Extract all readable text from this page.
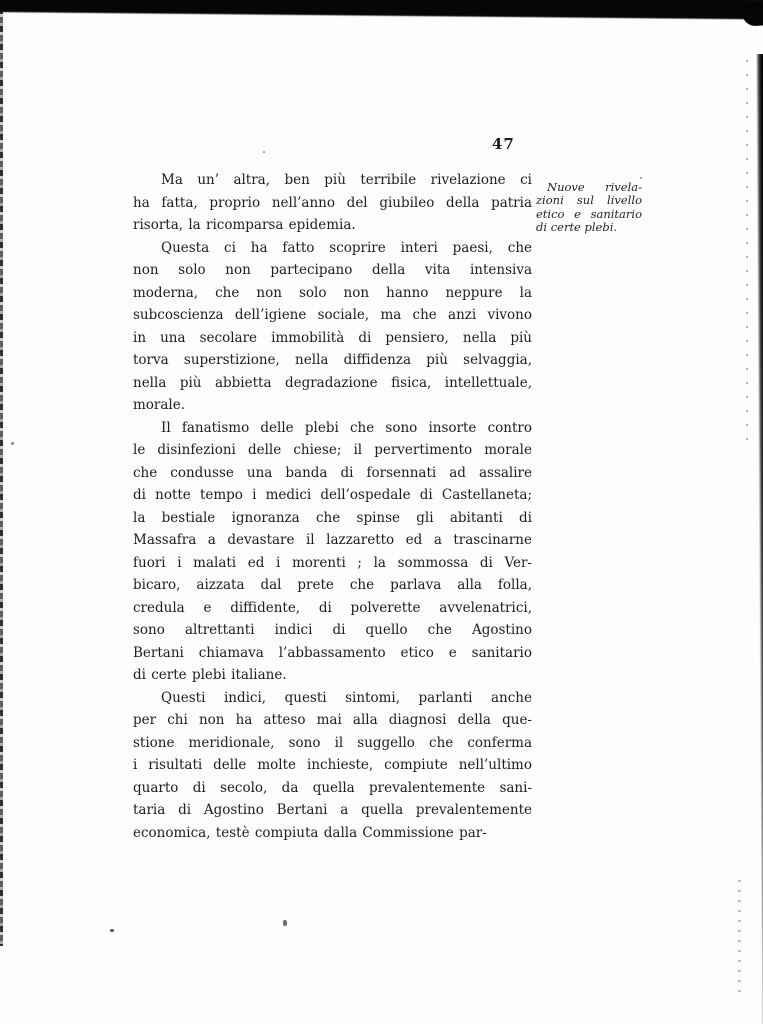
47
Ma un’ altra, ben più terribile rivelazione ci
ha fatta, proprio nell’anno del giubileo della patria
risorta, la ricomparsa epidemia.
Questa ci ha fatto scoprire interi paesi, che
non solo non partecipano della vita intensiva
moderna, che non solo non hanno neppure la
subcoscienza dell’igiene sociale, ma che anzi vivono
in una secolare immobilità di pensiero, nella più
torva superstizione, nella diffidenza più selvaggia,
nella più abbietta degradazione fisica, intellettuale,
morale.
Il fanatismo delle plebi che sono insorte contro
le disinfezioni delle chiese; il pervertimento morale
che condusse una banda di forsennati ad assalire
di notte tempo i medici dell’ospedale di Castellaneta;
la bestiale ignoranza che spinse gli abitanti di
Massafra a devastare il lazzaretto ed a trascinarne
fuori i malati ed i morenti ; la sommossa di Ver-
bicaro, aizzata dal prete che parlava alla folla,
credula e diffidente, di polverette avvelenatrici,
sono altrettanti indici di quello che Agostino
Bertani chiamava l’abbassamento etico e sanitario
di certe plebi italiane.
Questi indici, questi sintomi, parlanti anche
per chi non ha atteso mai alla diagnosi della que-
stione meridionale, sono il suggello che conferma
i risultati delle molte inchieste, compiute nell’ultimo
quarto di secolo, da quella prevalentemente sani-
taria di Agostino Bertani a quella prevalentemente
economica, testè compiuta dalla Commissione par-
Nuove rivela-
zioni sul livello
etico e sanitario
di certe plebi.
